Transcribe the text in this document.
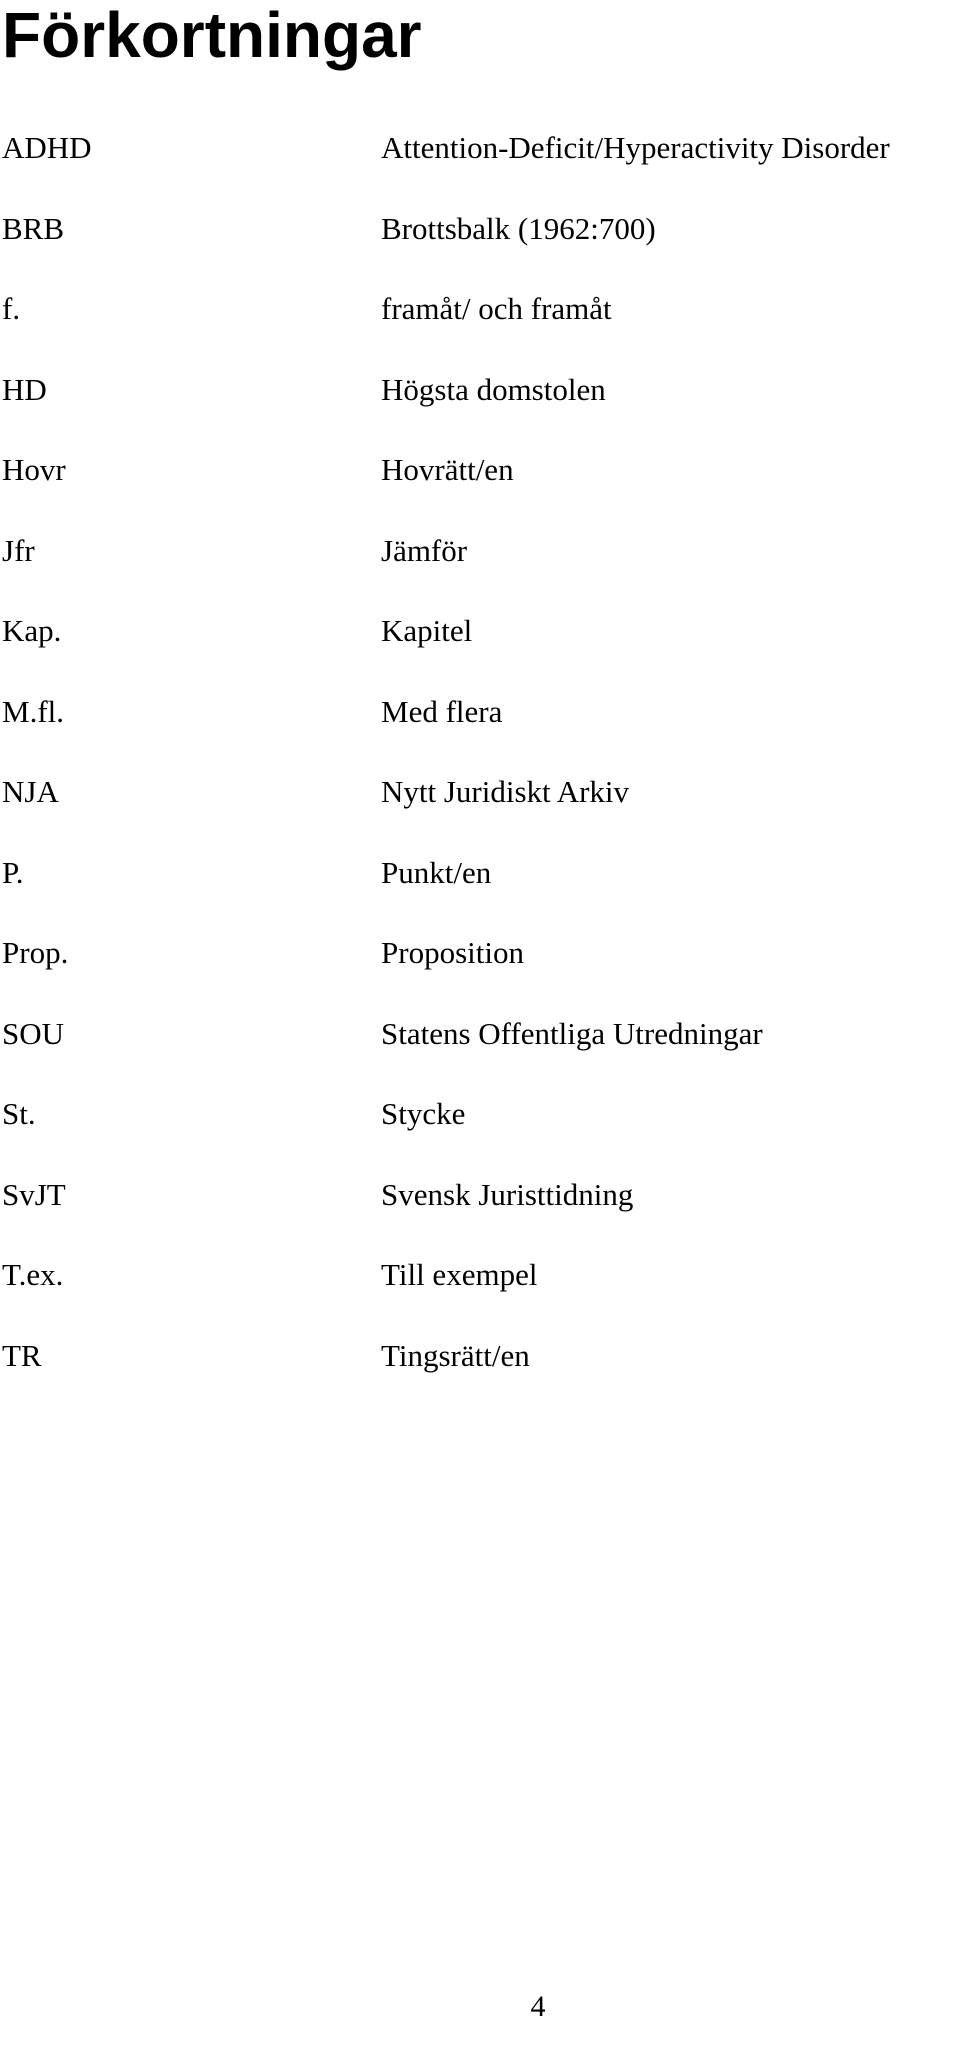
Förkortningar
ADHD	Attention-Deficit/Hyperactivity Disorder
BRB	Brottsbalk (1962:700)
f.	framåt/ och framåt
HD	Högsta domstolen
Hovr	Hovrätt/en
Jfr	Jämför
Kap.	Kapitel
M.fl.	Med flera
NJA	Nytt Juridiskt Arkiv
P.	Punkt/en
Prop.	Proposition
SOU	Statens Offentliga Utredningar
St.	Stycke
SvJT	Svensk Juristtidning
T.ex.	Till exempel
TR	Tingsrätt/en
4
